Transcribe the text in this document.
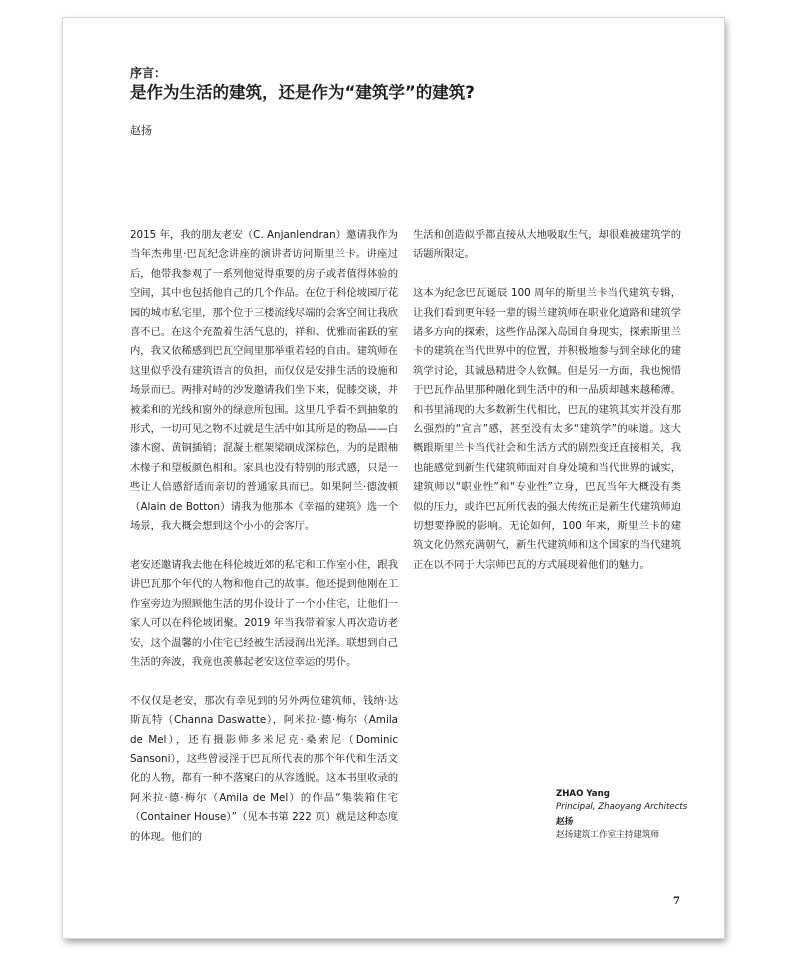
序言：

是作为生活的建筑，还是作为“建筑学”的建筑?

赵扬

2015 年，我的朋友老安（C. Anjanlendran）邀请我作为当年杰弗里·巴瓦纪念讲座的演讲者访问斯里兰卡。讲座过后，他带我参观了一系列他觉得重要的房子或者值得体验的空间，其中也包括他自己的几个作品。在位于科伦坡园厅花园的城市私宅里，那个位于三楼流线尽端的会客空间让我欣喜不已。在这个充盈着生活气息的，祥和、优雅而雀跃的室内，我又依稀感到巴瓦空间里那举重若轻的自由。建筑师在这里似乎没有建筑语言的负担，而仅仅是安排生活的设施和场景而已。两排对峙的沙发邀请我们坐下来，促膝交谈，并被柔和的光线和窗外的绿意所包围。这里几乎看不到抽象的形式，一切可见之物不过就是生活中如其所是的物品——白漆木窗、黄铜插销；混凝土框架梁刷成深棕色，为的是跟柚木椽子和望板颜色相和。家具也没有特别的形式感，只是一些让人倍感舒适而亲切的普通家具而已。如果阿兰·德波顿（Alain de Botton）请我为他那本《幸福的建筑》选一个场景，我大概会想到这个小小的会客厅。

老安还邀请我去他在科伦坡近郊的私宅和工作室小住，跟我讲巴瓦那个年代的人物和他自己的故事。他还提到他刚在工作室旁边为照顾他生活的男仆设计了一个小住宅，让他们一家人可以在科伦坡团聚。2019 年当我带着家人再次造访老安，这个温馨的小住宅已经被生活浸润出光泽。联想到自己生活的奔波，我竟也羡慕起老安这位幸运的男仆。

不仅仅是老安，那次有幸见到的另外两位建筑师，钱纳·达斯瓦特（Channa Daswatte），阿米拉·德·梅尔（Amila de Mel），还有摄影师多米尼克·桑索尼（Dominic Sansoni），这些曾浸淫于巴瓦所代表的那个年代和生活文化的人物，都有一种不落窠臼的从容透脱。这本书里收录的阿米拉·德·梅尔（Amila de Mel）的作品“集装箱住宅（Container House）”（见本书第 222 页）就是这种态度的体现。他们的

生活和创造似乎都直接从大地吸取生气，却很难被建筑学的话题所限定。

这本为纪念巴瓦诞辰 100 周年的斯里兰卡当代建筑专辑，让我们看到更年轻一辈的锡兰建筑师在职业化道路和建筑学诸多方向的探索，这些作品深入岛国自身现实，探索斯里兰卡的建筑在当代世界中的位置，并积极地参与到全球化的建筑学讨论，其诚恳精进令人钦佩。但是另一方面，我也惋惜于巴瓦作品里那种融化到生活中的和一品质却越来越稀薄。和书里涌现的大多数新生代相比，巴瓦的建筑其实并没有那么强烈的“宣言”感，甚至没有太多“建筑学”的味道。这大概跟斯里兰卡当代社会和生活方式的剧烈变迁直接相关，我也能感觉到新生代建筑师面对自身处境和当代世界的诚实，建筑师以“职业性”和“专业性”立身，巴瓦当年大概没有类似的压力，或许巴瓦所代表的强大传统正是新生代建筑师迫切想要挣脱的影响。无论如何，100 年来，斯里兰卡的建筑文化仍然充满朝气，新生代建筑师和这个国家的当代建筑正在以不同于大宗师巴瓦的方式展现着他们的魅力。

ZHAO Yang
Principal, Zhaoyang Architects
赵扬
赵扬建筑工作室主持建筑师
7
